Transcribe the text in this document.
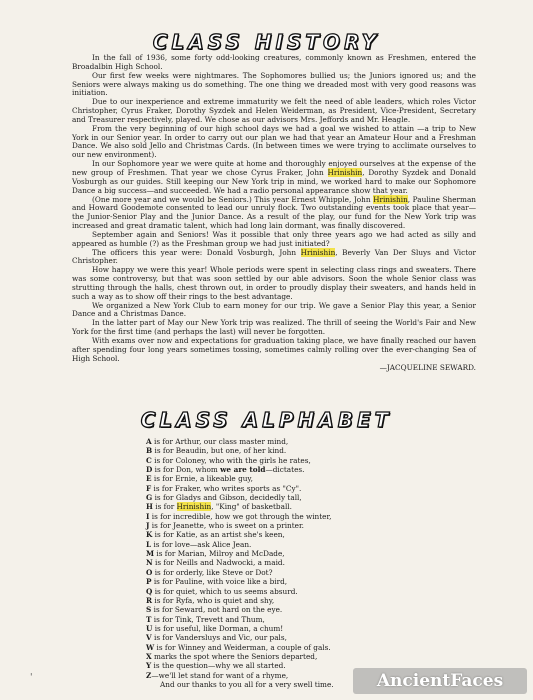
CLASS HISTORY

In the fall of 1936, some forty odd-looking creatures, commonly known as Freshmen, entered the Broadalbin High School.

Our first few weeks were nightmares. The Sophomores bullied us; the Juniors ignored us; and the Seniors were always making us do something. The one thing we dreaded most with very good reasons was initiation.

Due to our inexperience and extreme immaturity we felt the need of able leaders, which roles Victor Christopher, Cyrus Fraker, Dorothy Syzdek and Helen Weiderman, as President, Vice-President, Secretary and Treasurer respectively, played. We chose as our advisors Mrs. Jeffords and Mr. Heagle.

From the very beginning of our high school days we had a goal we wished to attain —a trip to New York in our Senior year. In order to carry out our plan we had that year an Amateur Hour and a Freshman Dance. We also sold Jello and Christmas Cards. (In between times we were trying to acclimate ourselves to our new environment).

In our Sophomore year we were quite at home and thoroughly enjoyed ourselves at the expense of the new group of Freshmen. That year we chose Cyrus Fraker, John Hrinishin, Dorothy Syzdek and Donald Vosburgh as our guides. Still keeping our New York trip in mind, we worked hard to make our Sophomore Dance a big success—and succeeded. We had a radio personal appearance show that year.

(One more year and we would be Seniors.) This year Ernest Whipple, John Hrinishin, Pauline Sherman and Howard Goodemote consented to lead our unruly flock. Two outstanding events took place that year—the Junior-Senior Play and the Junior Dance. As a result of the play, our fund for the New York trip was increased and great dramatic talent, which had long lain dormant, was finally discovered.

September again and Seniors! Was it possible that only three years ago we had acted as silly and appeared as humble (?) as the Freshman group we had just initiated?

The officers this year were: Donald Vosburgh, John Hrinishin, Beverly Van Der Sluys and Victor Christopher.

How happy we were this year! Whole periods were spent in selecting class rings and sweaters. There was some controversy, but that was soon settled by our able advisors. Soon the whole Senior class was strutting through the halls, chest thrown out, in order to proudly display their sweaters, and hands held in such a way as to show off their rings to the best advantage.

We organized a New York Club to earn money for our trip. We gave a Senior Play this year, a Senior Dance and a Christmas Dance.

In the latter part of May our New York trip was realized. The thrill of seeing the World's Fair and New York for the first time (and perhaps the last) will never be forgotten.

With exams over now and expectations for graduation taking place, we have finally reached our haven after spending four long years sometimes tossing, sometimes calmly rolling over the ever-changing Sea of High School.
—JACQUELINE SEWARD.

CLASS ALPHABET
A is for Arthur, our class master mind,
B is for Beaudin, but one, of her kind.
C is for Coloney, who with the girls he rates,
D is for Don, whom we are told—dictates.
E is for Ernie, a likeable guy,
F is for Fraker, who writes sports as "Cy".
G is for Gladys and Gibson, decidedly tall,
H is for Hrinishin, "King" of basketball.
I is for incredible, how we got through the winter,
J is for Jeanette, who is sweet on a printer.
K is for Katie, as an artist she's keen,
L is for love—ask Alice Jean.
M is for Marian, Milroy and McDade,
N is for Neills and Nadwocki, a maid.
O is for orderly, like Steve or Dot?
P is for Pauline, with voice like a bird,
Q is for quiet, which to us seems absurd.
R is for Ryfa, who is quiet and shy,
S is for Seward, not hard on the eye.
T is for Tink, Trevett and Thum,
U is for useful, like Dorman, a chum!
V is for Vandersluys and Vic, our pals,
W is for Winney and Weiderman, a couple of gals.
X marks the spot where the Seniors departed,
Y is the question—why we all started.
Z—we'll let stand for want of a rhyme,
And our thanks to you all for a very swell time.
'	AncientFaces
